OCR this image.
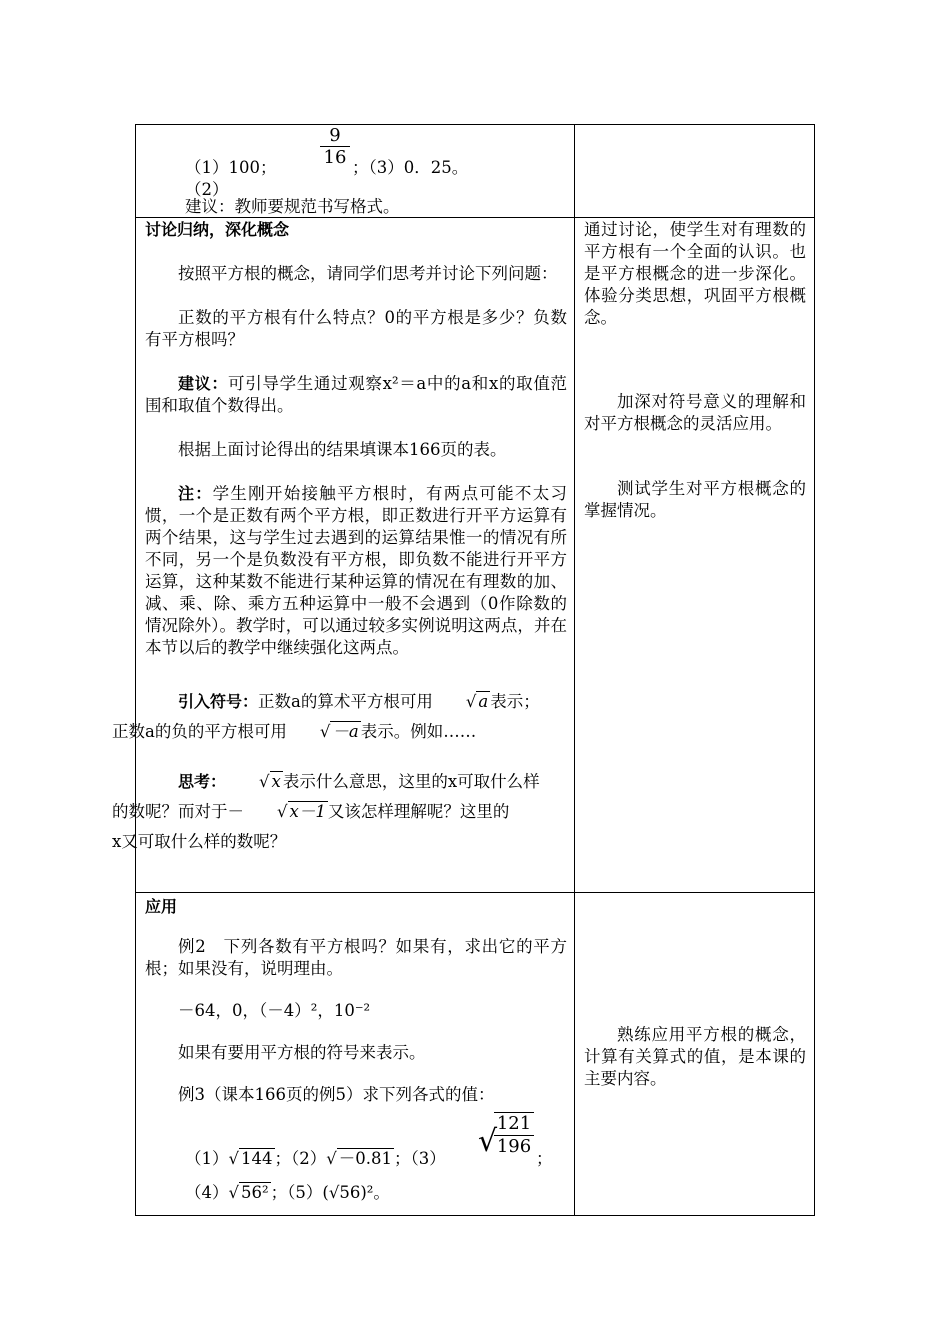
$\frac{9}{16}$
（1）100；（2）
；（3）0．25。
建议：教师要规范书写格式。

讨论归纳，深化概念

按照平方根的概念，请同学们思考并讨论下列问题：

正数的平方根有什么特点？0的平方根是多少？负数有平方根吗？

建议：可引导学生通过观察x²＝a中的a和x的取值范围和取值个数得出。

根据上面讨论得出的结果填课本166页的表。

注：学生刚开始接触平方根时，有两点可能不太习惯，一个是正数有两个平方根，即正数进行开平方运算有两个结果，这与学生过去遇到的运算结果惟一的情况有所不同，另一个是负数没有平方根，即负数不能进行开平方运算，这种某数不能进行某种运算的情况在有理数的加、减、乘、除、乘方五种运算中一般不会遇到（0作除数的情况除外）。教学时，可以通过较多实例说明这两点，并在本节以后的教学中继续强化这两点。

引入符号：正数a的算术平方根可用 √ a 表示；
正数a的负的平方根可用 √ －a 表示。例如……

思考： √ x 表示什么意思，这里的x可取什么样
的数呢？而对于－ √ x－1 又该怎样理解呢？这里的
x又可取什么样的数呢？

通过讨论，使学生对有理数的平方根有一个全面的认识。也是平方根概念的进一步深化。体验分类思想，巩固平方根概念。
加深对符号意义的理解和对平方根概念的灵活应用。
测试学生对平方根概念的掌握情况。

应用

例2　下列各数有平方根吗？如果有，求出它的平方根；如果没有，说明理由。

－64，0，（－4）²，10⁻²

如果有要用平方根的符号来表示。

例3（课本166页的例5）求下列各式的值：

（1）√ 144 ；（2）√ －0.81 ；（3）	√
121
196
；
（4）√ 56² ；（5）(√56)²。
熟练应用平方根的概念，计算有关算式的值，是本课的主要内容。
